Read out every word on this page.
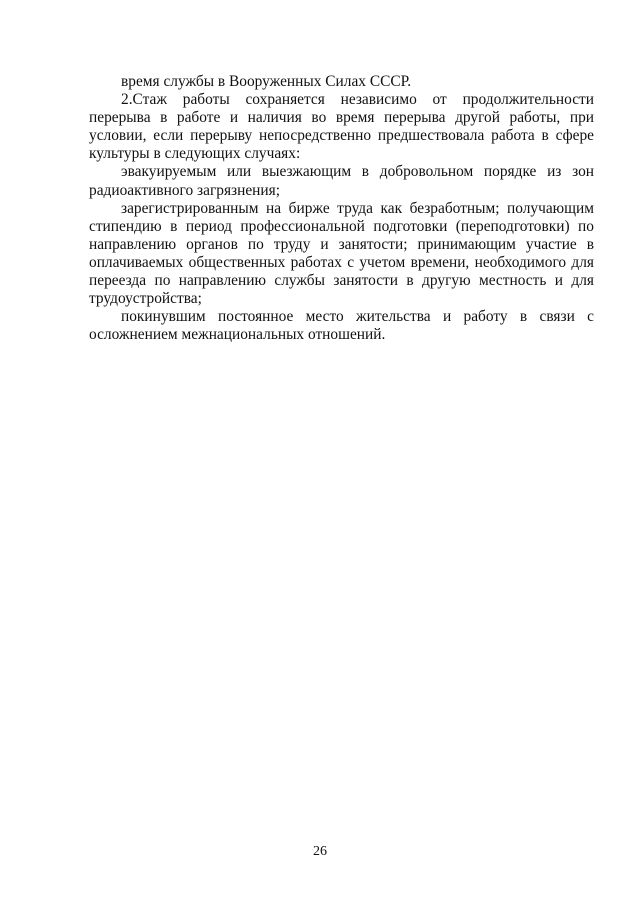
время службы в Вооруженных Силах СССР.

2.Стаж работы сохраняется независимо от продолжительности перерыва в работе и наличия во время перерыва другой работы, при условии, если перерыву непосредственно предшествовала работа в сфере культуры в следующих случаях:

эвакуируемым или выезжающим в добровольном порядке из зон радиоактивного загрязнения;

зарегистрированным на бирже труда как безработным; получающим стипендию в период профессиональной подготовки (переподготовки) по направлению органов по труду и занятости; принимающим участие в оплачиваемых общественных работах с учетом времени, необходимого для переезда по направлению службы занятости в другую местность и для трудоустройства;

покинувшим постоянное место жительства и работу в связи с осложнением межнациональных отношений.

26
